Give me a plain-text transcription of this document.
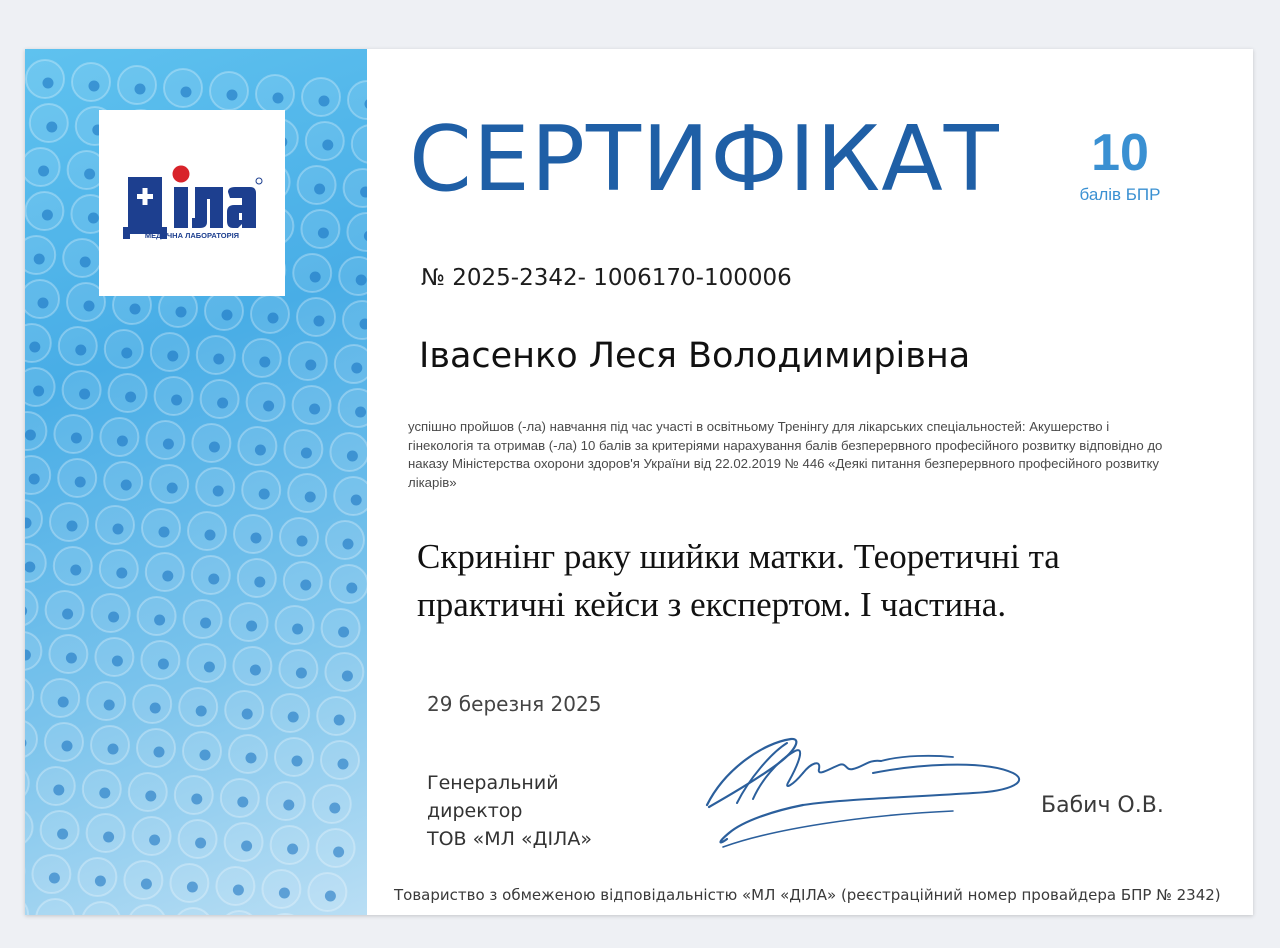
МЕДИЧНА ЛАБОРАТОРІЯ
СЕРТИФІКАТ	10
балів БПР
№ 2025-2342- 1006170-100006
Івасенко Леся Володимирівна
успішно пройшов (-ла) навчання під час участі в освітньому Тренінгу для лікарських спеціальностей: Акушерство і гінекологія та отримав (-ла) 10 балів за критеріями нарахування балів безперервного професійного розвитку відповідно до наказу Міністерства охорони здоров'я України від 22.02.2019 № 446 «Деякі питання безперервного професійного розвитку лікарів»
Скринінг раку шийки матки. Теоретичні та
практичні кейси з експертом. І частина.
29 березня 2025
Генеральний
директор
ТОВ «МЛ «ДІЛА»
Бабич О.В.
Товариство з обмеженою відповідальністю «МЛ «ДІЛА» (реєстраційний номер провайдера БПР № 2342)
